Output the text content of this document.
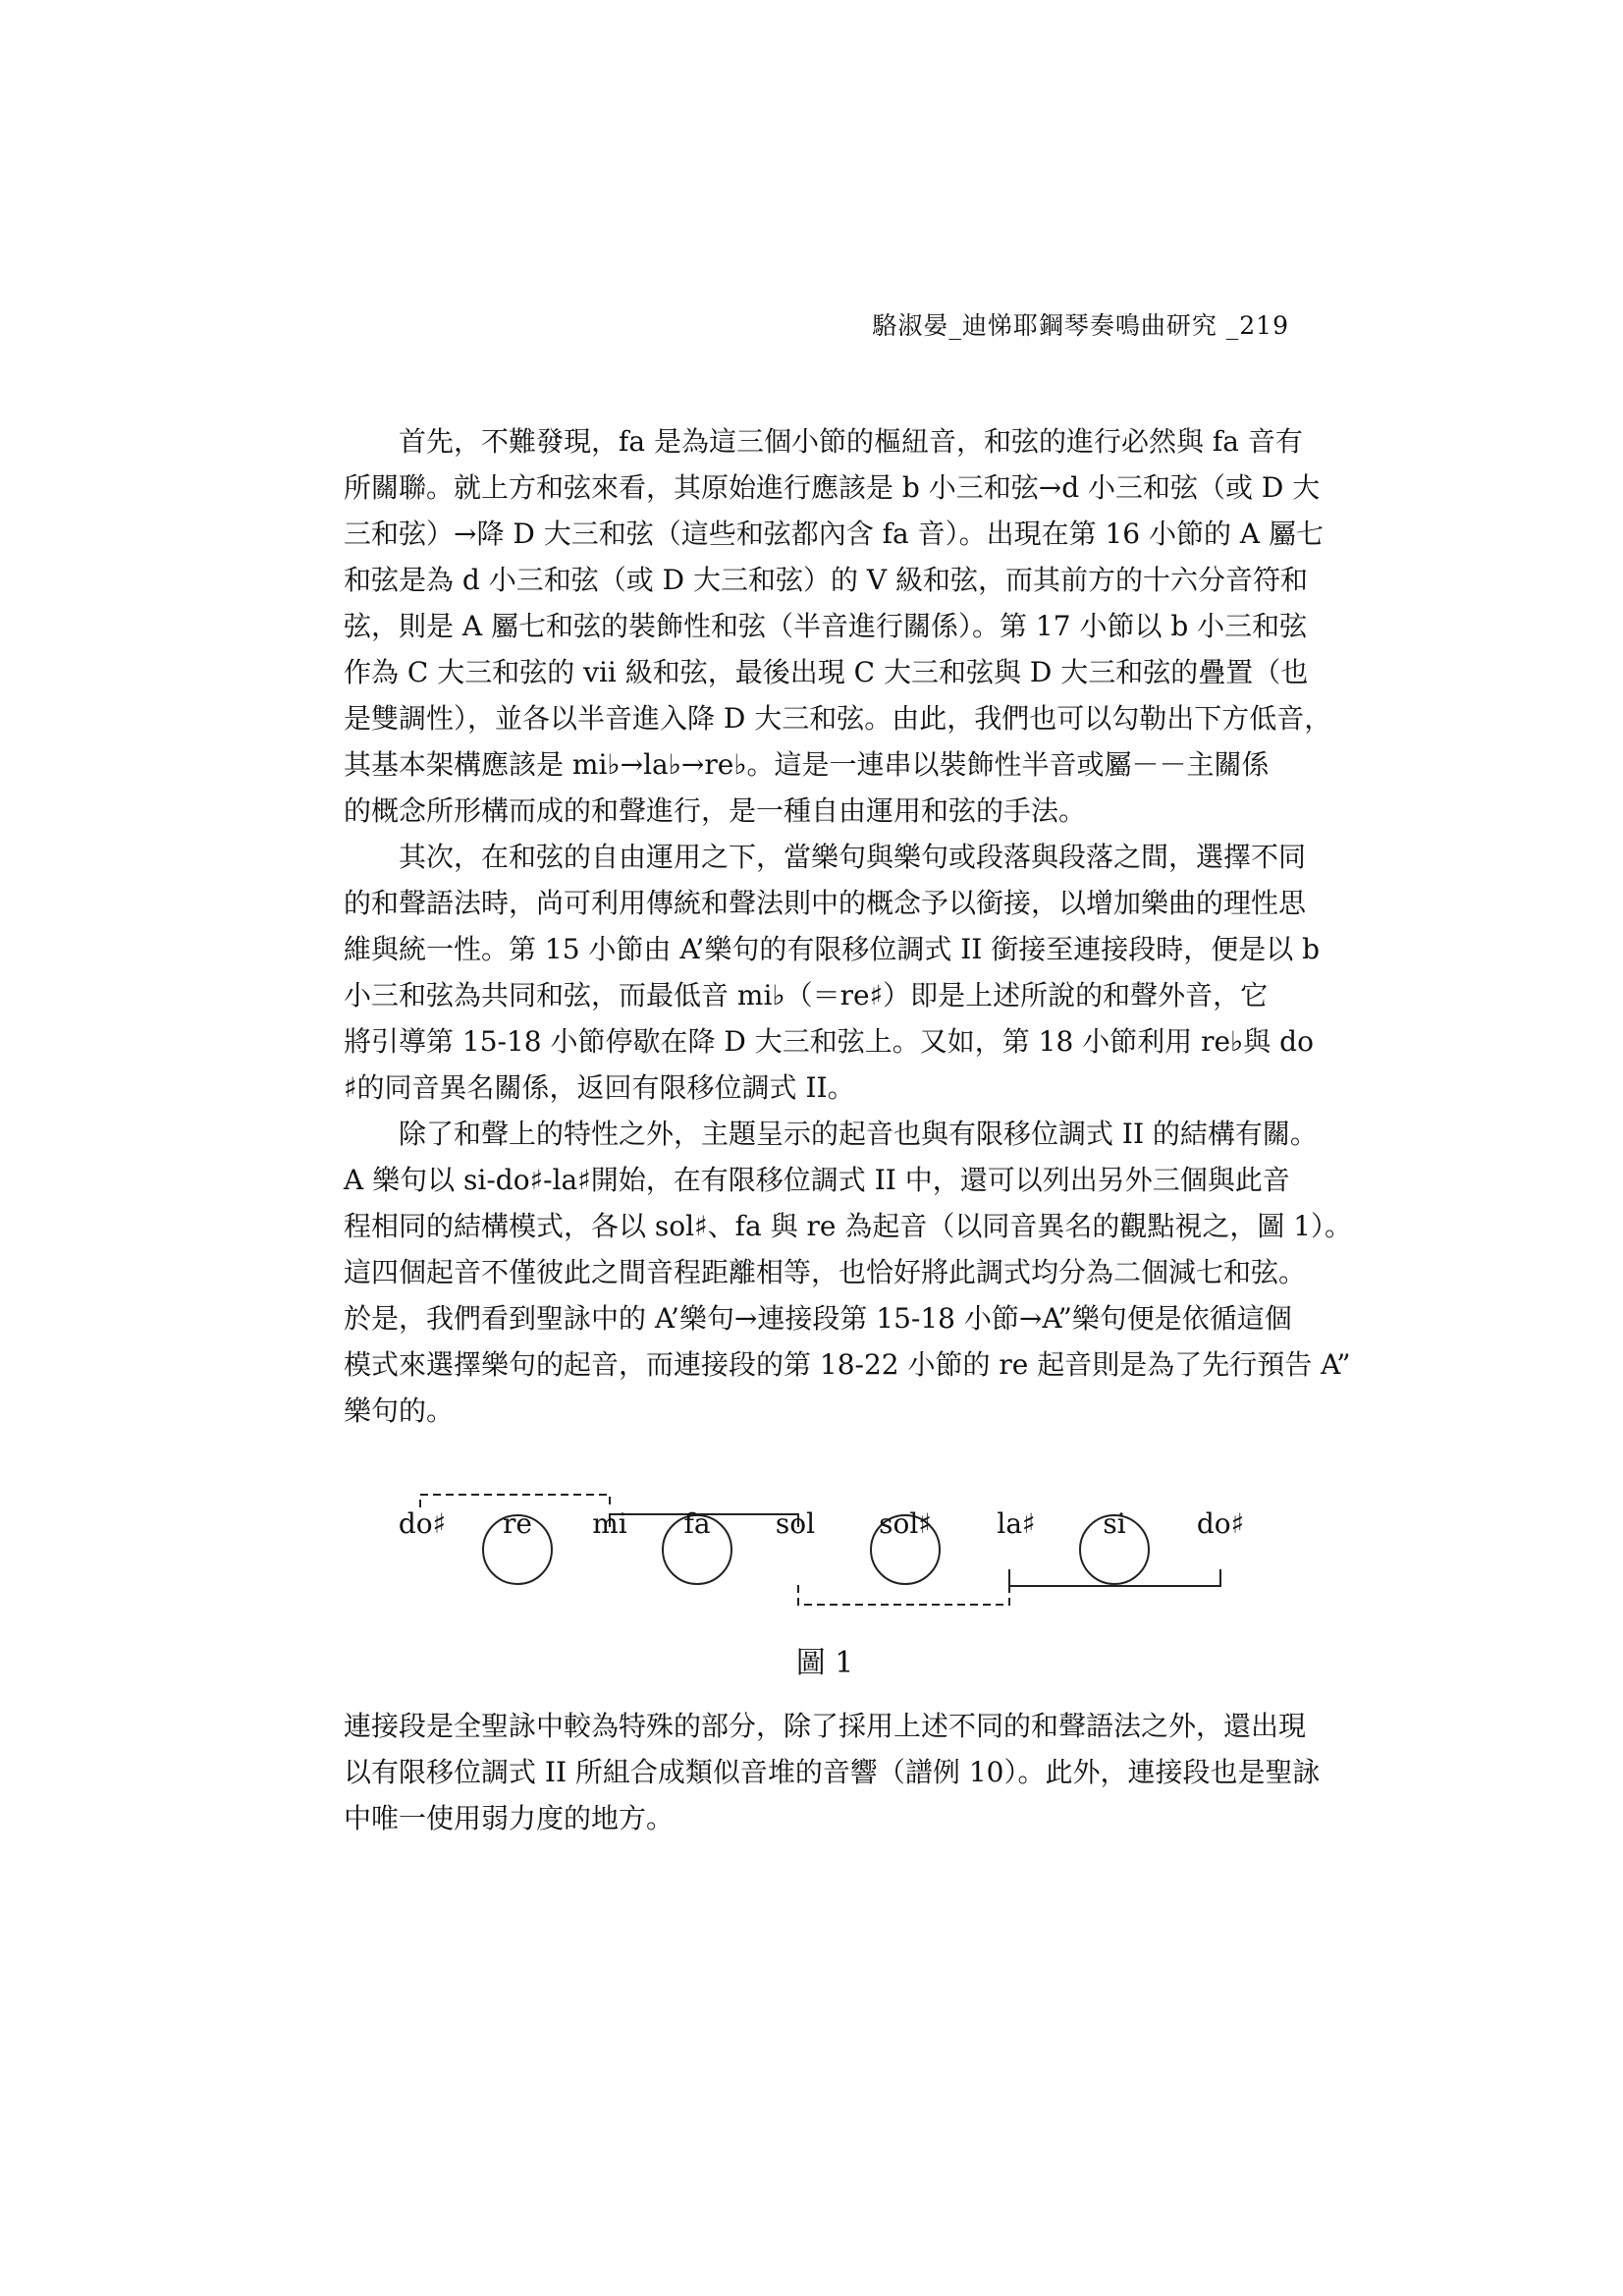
駱淑晏_迪悌耶鋼琴奏鳴曲研究 _219
首先，不難發現，fa 是為這三個小節的樞紐音，和弦的進行必然與 fa 音有
所關聯。就上方和弦來看，其原始進行應該是 b 小三和弦→d 小三和弦（或 D 大
三和弦）→降 D 大三和弦（這些和弦都內含 fa 音）。出現在第 16 小節的 A 屬七
和弦是為 d 小三和弦（或 D 大三和弦）的 V 級和弦，而其前方的十六分音符和
弦，則是 A 屬七和弦的裝飾性和弦（半音進行關係）。第 17 小節以 b 小三和弦
作為 C 大三和弦的 vii 級和弦，最後出現 C 大三和弦與 D 大三和弦的疊置（也
是雙調性），並各以半音進入降 D 大三和弦。由此，我們也可以勾勒出下方低音，
其基本架構應該是 mi♭→la♭→re♭。這是一連串以裝飾性半音或屬－－主關係
的概念所形構而成的和聲進行，是一種自由運用和弦的手法。
其次，在和弦的自由運用之下，當樂句與樂句或段落與段落之間，選擇不同
的和聲語法時，尚可利用傳統和聲法則中的概念予以銜接，以增加樂曲的理性思
維與統一性。第 15 小節由 A’樂句的有限移位調式 II 銜接至連接段時，便是以 b
小三和弦為共同和弦，而最低音 mi♭（＝re♯）即是上述所說的和聲外音，它
將引導第 15-18 小節停歇在降 D 大三和弦上。又如，第 18 小節利用 re♭與 do
♯的同音異名關係，返回有限移位調式 II。
除了和聲上的特性之外，主題呈示的起音也與有限移位調式 II 的結構有關。
A 樂句以 si-do♯-la♯開始，在有限移位調式 II 中，還可以列出另外三個與此音
程相同的結構模式，各以 sol♯、fa 與 re 為起音（以同音異名的觀點視之，圖 1）。
這四個起音不僅彼此之間音程距離相等，也恰好將此調式均分為二個減七和弦。
於是，我們看到聖詠中的 A’樂句→連接段第 15-18 小節→A”樂句便是依循這個
模式來選擇樂句的起音，而連接段的第 18-22 小節的 re 起音則是為了先行預告 A”
樂句的。
do♯ re mi fa sol sol♯ la♯ si	do♯
圖 1
連接段是全聖詠中較為特殊的部分，除了採用上述不同的和聲語法之外，還出現
以有限移位調式 II 所組合成類似音堆的音響（譜例 10）。此外，連接段也是聖詠
中唯一使用弱力度的地方。
